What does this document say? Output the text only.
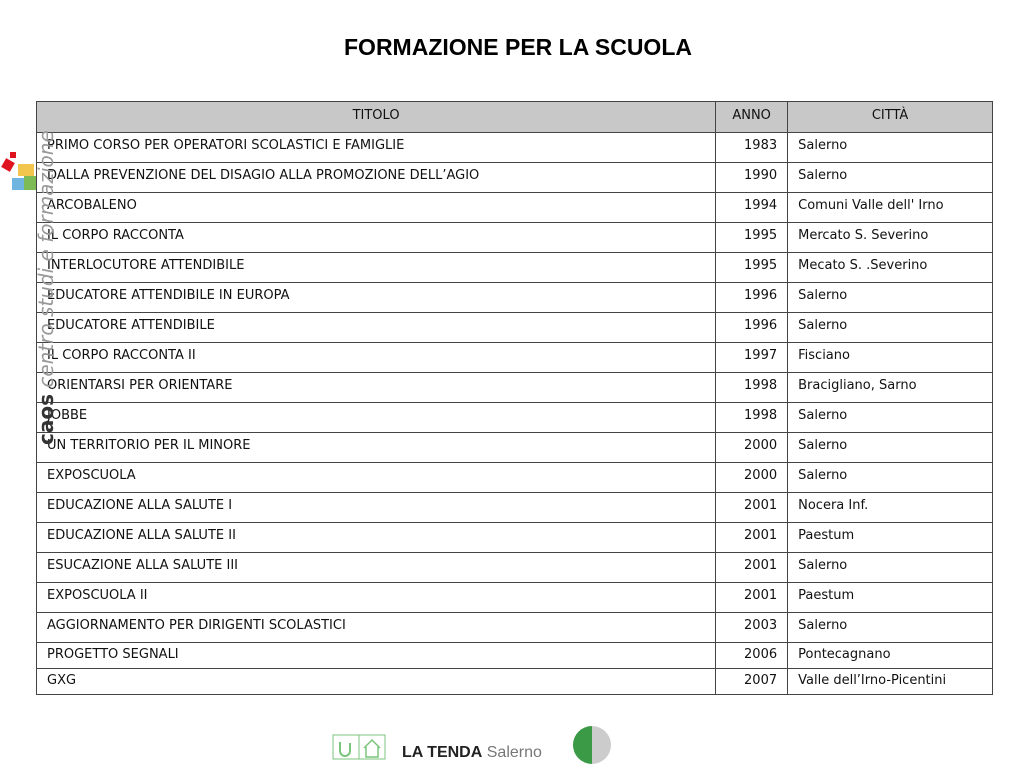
FORMAZIONE PER LA SCUOLA
TITOLO	ANNO	CITTÀ
PRIMO CORSO PER OPERATORI SCOLASTICI E FAMIGLIE	1983	Salerno
DALLA PREVENZIONE DEL DISAGIO ALLA PROMOZIONE DELL’AGIO	1990	Salerno
ARCOBALENO	1994	Comuni Valle dell' Irno
IL CORPO RACCONTA	1995	Mercato S. Severino
INTERLOCUTORE ATTENDIBILE	1995	Mecato S. .Severino
EDUCATORE ATTENDIBILE IN EUROPA	1996	Salerno
EDUCATORE ATTENDIBILE	1996	Salerno
IL CORPO RACCONTA II	1997	Fisciano
ORIENTARSI PER ORIENTARE	1998	Bracigliano, Sarno
JOBBE	1998	Salerno
UN TERRITORIO PER IL MINORE	2000	Salerno
EXPOSCUOLA	2000	Salerno
EDUCAZIONE ALLA SALUTE I	2001	Nocera Inf.
EDUCAZIONE ALLA SALUTE II	2001	Paestum
ESUCAZIONE ALLA SALUTE III	2001	Salerno
EXPOSCUOLA II	2001	Paestum
AGGIORNAMENTO PER DIRIGENTI SCOLASTICI	2003	Salerno
PROGETTO SEGNALI	2006	Pontecagnano
GXG	2007	Valle dell’Irno-Picentini
caos centro studi e formazione
LA TENDA Salerno
